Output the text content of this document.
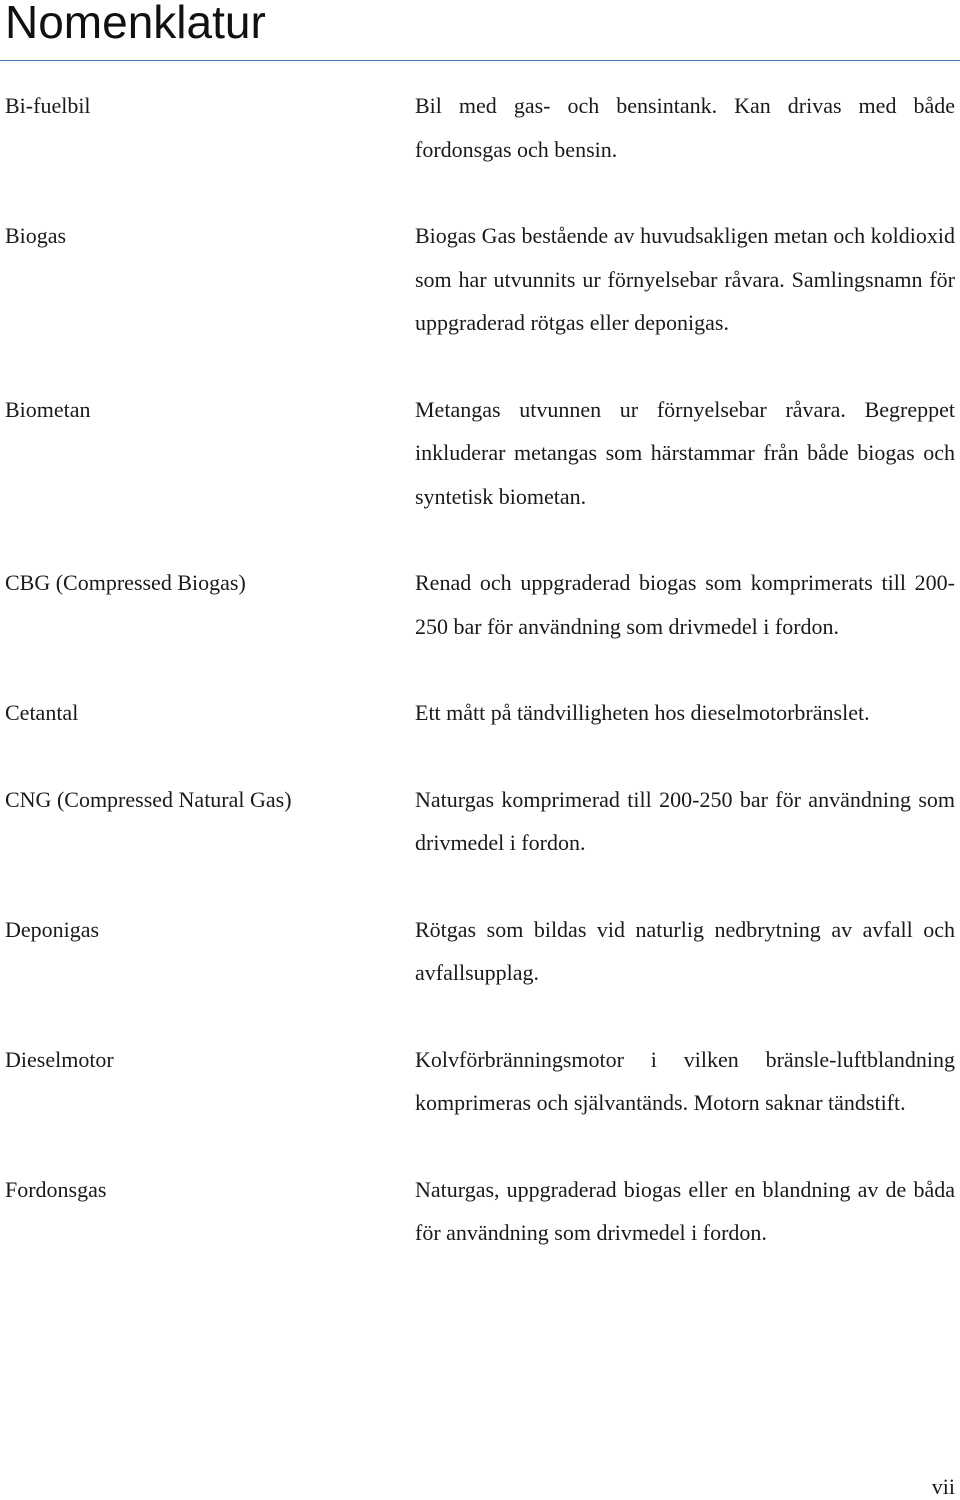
Nomenklatur
Bi-fuelbil	Bil med gas- och bensintank. Kan drivas med både fordonsgas och bensin.
Biogas	Biogas Gas bestående av huvudsakligen metan och koldioxid som har utvunnits ur förnyelsebar råvara. Samlingsnamn för uppgraderad rötgas eller deponigas.
Biometan	Metangas utvunnen ur förnyelsebar råvara. Begreppet inkluderar metangas som härstammar från både biogas och syntetisk biometan.
CBG (Compressed Biogas)	Renad och uppgraderad biogas som komprimerats till 200-250 bar för användning som drivmedel i fordon.
Cetantal	Ett mått på tändvilligheten hos dieselmotorbränslet.
CNG (Compressed Natural Gas)	Naturgas komprimerad till 200-250 bar för användning som drivmedel i fordon.
Deponigas	Rötgas som bildas vid naturlig nedbrytning av avfall och avfallsupplag.
Dieselmotor	Kolvförbränningsmotor i vilken bränsle-luftblandning komprimeras och självantänds. Motorn saknar tändstift.
Fordonsgas	Naturgas, uppgraderad biogas eller en blandning av de båda för användning som drivmedel i fordon.
vii
